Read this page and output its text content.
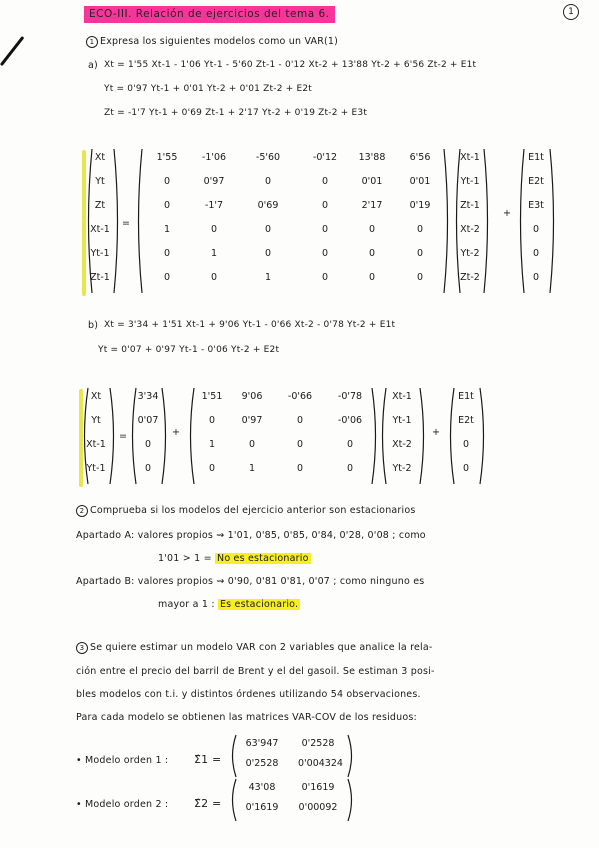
ECO-III. Relación de ejercicios del tema 6.	1
1 Expresa los siguientes modelos como un VAR(1)
a) Xt = 1'55 Xt-1 - 1'06 Yt-1 - 5'60 Zt-1 - 0'12 Xt-2 + 13'88 Yt-2 + 6'56 Zt-2 + E1t
Yt = 0'97 Yt-1 + 0'01 Yt-2 + 0'01 Zt-2 + E2t
Zt = -1'7 Yt-1 + 0'69 Zt-1 + 2'17 Yt-2 + 0'19 Zt-2 + E3t
Xt
Yt
Zt
Xt-1
Yt-1
Zt-1
=
1'55	-1'06	-5'60	-0'12	13'88	6'56
0	0'97	0	0	0'01	0'01
0	-1'7	0'69	0	2'17	0'19
1	0	0	0	0	0
0	1	0	0	0	0
0	0	1	0	0	0
Xt-1
Yt-1
Zt-1
Xt-2
Yt-2
Zt-2
+
E1t
E2t
E3t
0
0
0
b) Xt = 3'34 + 1'51 Xt-1 + 9'06 Yt-1 - 0'66 Xt-2 - 0'78 Yt-2 + E1t
Yt = 0'07 + 0'97 Yt-1 - 0'06 Yt-2 + E2t
Xt
Yt
Xt-1
Yt-1
=
3'34
0'07
0
0
+
1'51	9'06	-0'66	-0'78
0	0'97	0	-0'06
1	0	0	0
0	1	0	0
Xt-1
Yt-1
Xt-2
Yt-2
+
E1t
E2t
0
0
2 Comprueba si los modelos del ejercicio anterior son estacionarios
Apartado A: valores propios ⇝ 1'01, 0'85, 0'85, 0'84, 0'28, 0'08 ; como
1'01 > 1 = No es estacionario
Apartado B: valores propios ⇝ 0'90, 0'81 0'81, 0'07 ; como ninguno es
mayor a 1 : Es estacionario.
3 Se quiere estimar un modelo VAR con 2 variables que analice la rela-
ción entre el precio del barril de Brent y el del gasoil. Se estiman 3 posi-
bles modelos con t.i. y distintos órdenes utilizando 54 observaciones.
Para cada modelo se obtienen las matrices VAR-COV de los residuos:
• Modelo orden 1 : Σ̂1 =
• Modelo orden 2 : Σ̂2 =
63'947	0'2528
0'2528	0'004324
43'08	0'1619
0'1619	0'00092
